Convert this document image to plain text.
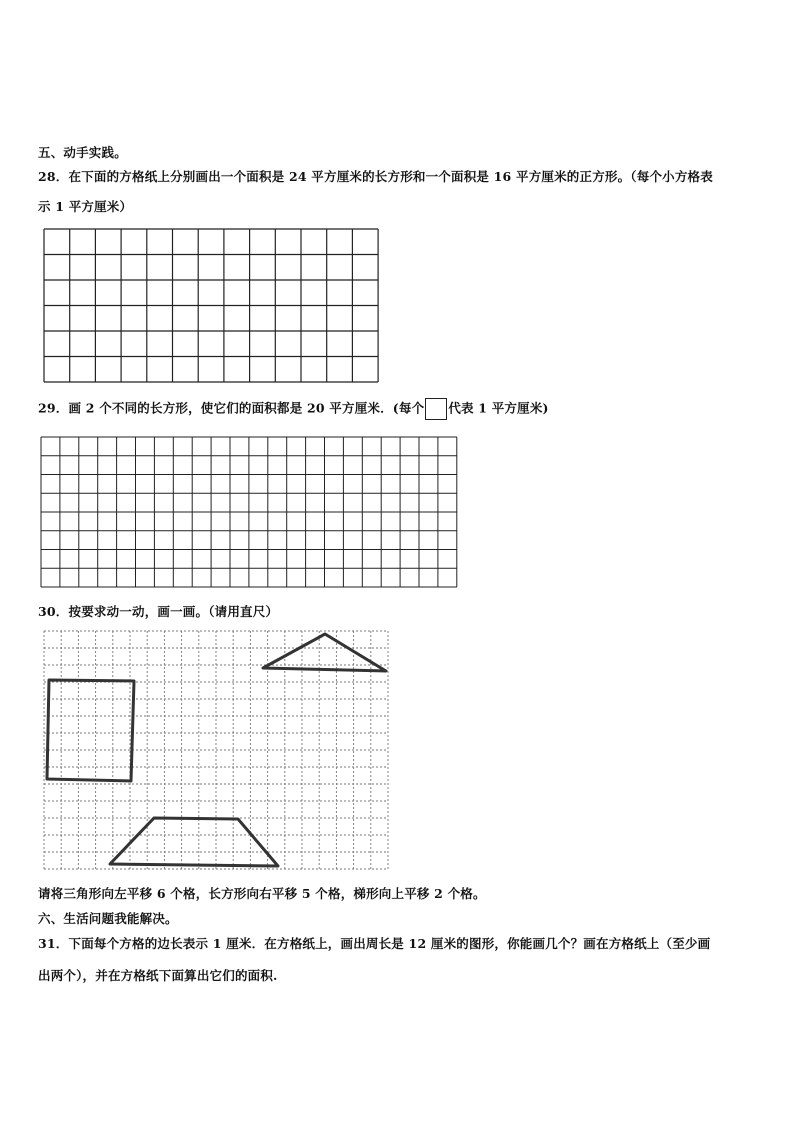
五、动手实践。
28．在下面的方格纸上分别画出一个面积是 24 平方厘米的长方形和一个面积是 16 平方厘米的正方形。（每个小方格表
示 1 平方厘米）
29．画 2 个不同的长方形，使它们的面积都是 20 平方厘米．(每个 代表 1 平方厘米)
30．按要求动一动，画一画。（请用直尺）
请将三角形向左平移 6 个格，长方形向右平移 5 个格，梯形向上平移 2 个格。
六、生活问题我能解决。
31．下面每个方格的边长表示 1 厘米．在方格纸上，画出周长是 12 厘米的图形，你能画几个？画在方格纸上（至少画
出两个），并在方格纸下面算出它们的面积.
